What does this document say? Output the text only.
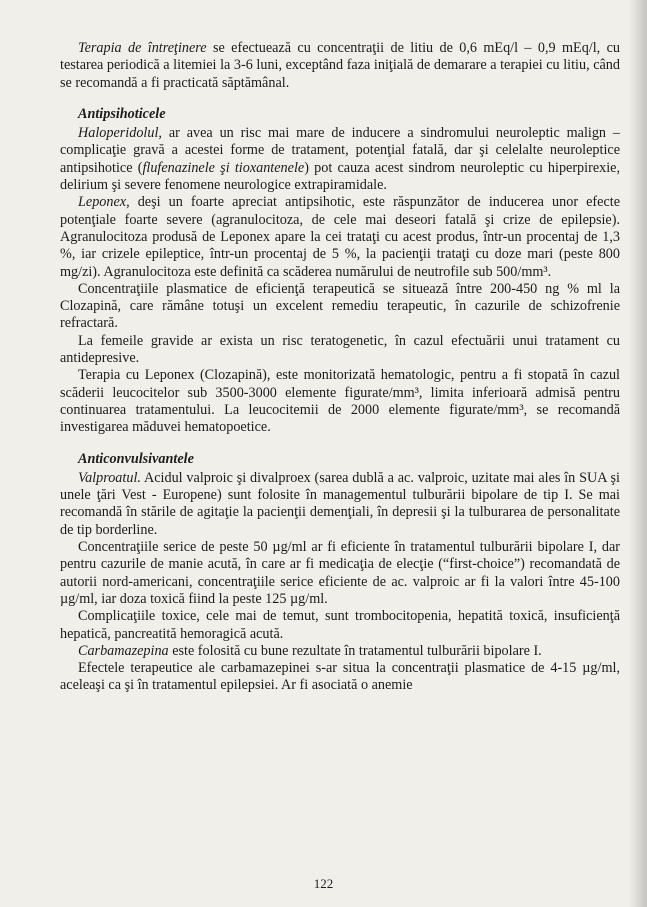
Terapia de întreţinere se efectuează cu concentraţii de litiu de 0,6 mEq/l – 0,9 mEq/l, cu testarea periodică a litemiei la 3-6 luni, exceptând faza iniţială de demarare a terapiei cu litiu, când se recomandă a fi practicată săptămânal.

Antipsihoticele

Haloperidolul, ar avea un risc mai mare de inducere a sindromului neuroleptic malign – complicaţie gravă a acestei forme de tratament, potenţial fatală, dar şi celelalte neuroleptice antipsihotice (flufenazinele şi tioxantenele) pot cauza acest sindrom neuroleptic cu hiperpirexie, delirium şi severe fenomene neurologice extrapiramidale.

Leponex, deşi un foarte apreciat antipsihotic, este răspunzător de inducerea unor efecte potenţiale foarte severe (agranulocitoza, de cele mai deseori fatală şi crize de epilepsie). Agranulocitoza produsă de Leponex apare la cei trataţi cu acest produs, într-un procentaj de 1,3 %, iar crizele epileptice, într-un procentaj de 5 %, la pacienţii trataţi cu doze mari (peste 800 mg/zi). Agranulocitoza este definită ca scăderea numărului de neutrofile sub 500/mm³.

Concentraţiile plasmatice de eficienţă terapeutică se situează între 200-450 ng % ml la Clozapină, care rămâne totuşi un excelent remediu terapeutic, în cazurile de schizofrenie refractară.

La femeile gravide ar exista un risc teratogenetic, în cazul efectuării unui tratament cu antidepresive.

Terapia cu Leponex (Clozapină), este monitorizată hematologic, pentru a fi stopată în cazul scăderii leucocitelor sub 3500-3000 elemente figurate/mm³, limita inferioară admisă pentru continuarea tratamentului. La leucocitemii de 2000 elemente figurate/mm³, se recomandă investigarea măduvei hematopoetice.

Anticonvulsivantele

Valproatul. Acidul valproic şi divalproex (sarea dublă a ac. valproic, uzitate mai ales în SUA şi unele ţări Vest - Europene) sunt folosite în managementul tulburării bipolare de tip I. Se mai recomandă în stările de agitaţie la pacienţii demenţiali, în depresii şi la tulburarea de personalitate de tip borderline.

Concentraţiile serice de peste 50 µg/ml ar fi eficiente în tratamentul tulburării bipolare I, dar pentru cazurile de manie acută, în care ar fi medicaţia de elecţie (“first-choice”) recomandată de autorii nord-americani, concentraţiile serice eficiente de ac. valproic ar fi la valori între 45-100 µg/ml, iar doza toxică fiind la peste 125 µg/ml.

Complicaţiile toxice, cele mai de temut, sunt trombocitopenia, hepatită toxică, insuficienţă hepatică, pancreatită hemoragică acută.

Carbamazepina este folosită cu bune rezultate în tratamentul tulburării bipolare I.

Efectele terapeutice ale carbamazepinei s-ar situa la concentraţii plasmatice de 4-15 µg/ml, aceleaşi ca şi în tratamentul epilepsiei. Ar fi asociată o anemie

122
